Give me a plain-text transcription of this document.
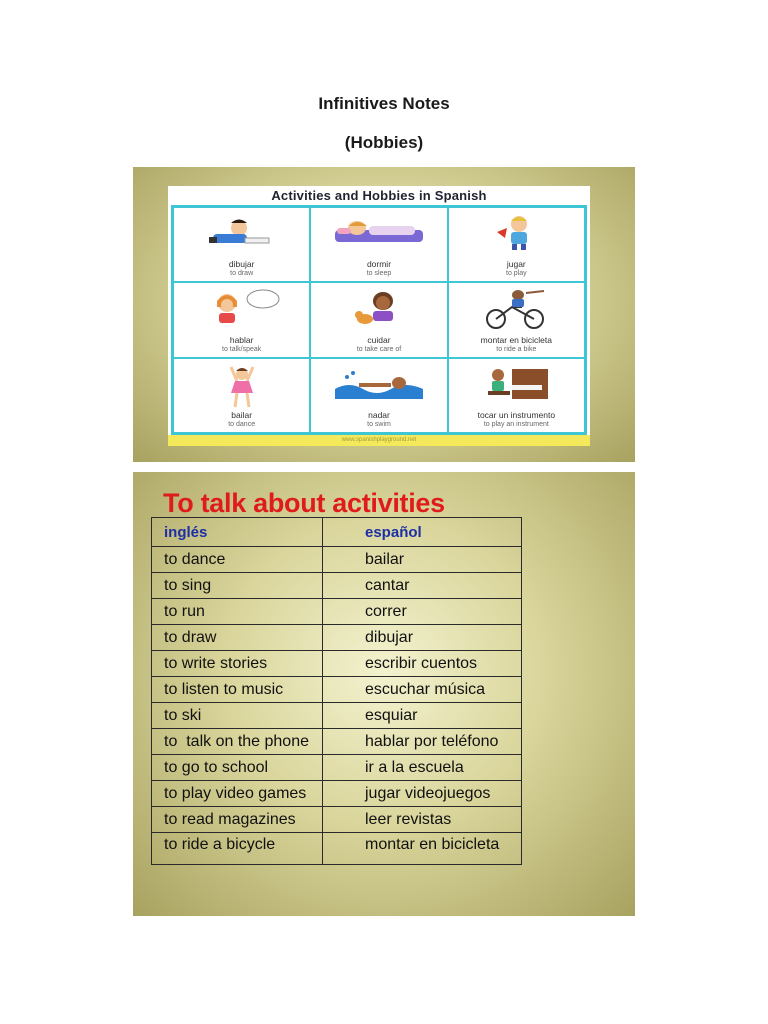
Infinitives Notes
(Hobbies)
Activities and Hobbies in Spanish
dibujar
to draw
dormir
to sleep
jugar
to play
hablar
to talk/speak
cuidar
to take care of
montar en bicicleta
to ride a bike
bailar
to dance
nadar
to swim
tocar un instrumento
to play an instrument
www.spanishplayground.net
To talk about activities
inglés	español
to dance	bailar
to sing	cantar
to run	correr
to draw	dibujar
to write stories	escribir cuentos
to listen to music	escuchar música
to ski	esquiar
to  talk on the phone	hablar por teléfono
to go to school	ir a la escuela
to play video games	jugar videojuegos
to read magazines	leer revistas
to ride a bicycle	montar en bicicleta
